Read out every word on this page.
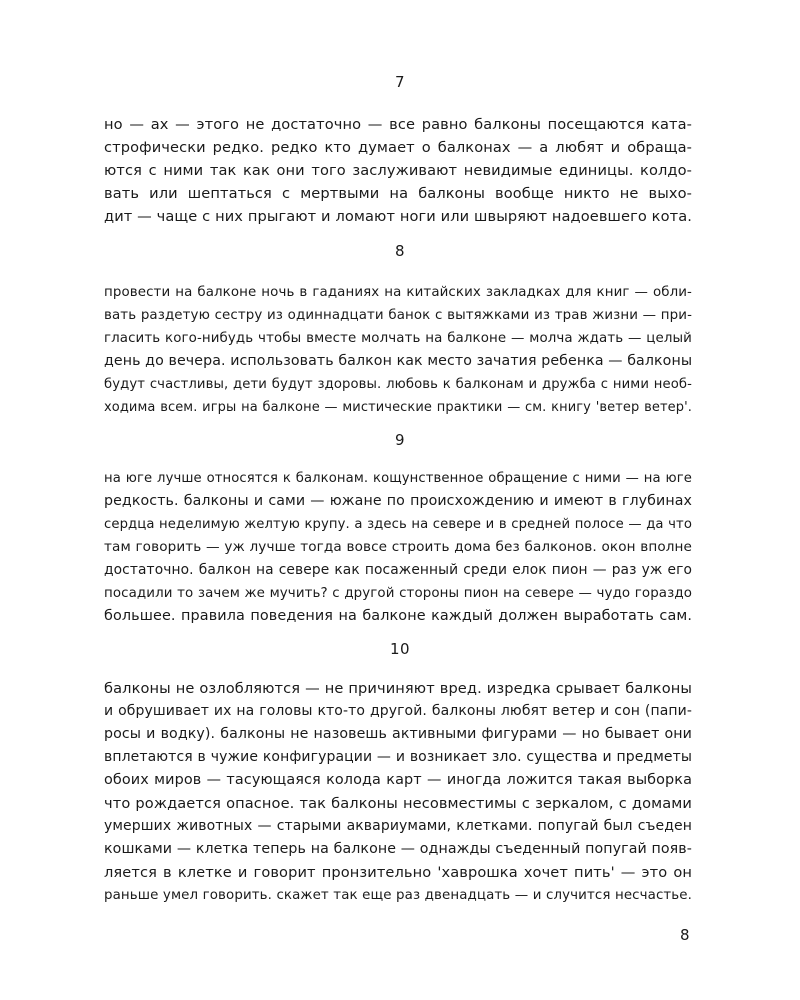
7
но — ах — этого не достаточно — все равно балконы посещаются ката-
строфически редко. редко кто думает о балконах — а любят и обраща-
ются с ними так как они того заслуживают невидимые единицы. колдо-
вать или шептаться с мертвыми на балконы вообще никто не выхо-
дит — чаще с них прыгают и ломают ноги или швыряют надоевшего кота.
8
провести на балконе ночь в гаданиях на китайских закладках для книг — обли-
вать раздетую сестру из одиннадцати банок с вытяжками из трав жизни — при-
гласить кого-нибудь чтобы вместе молчать на балконе — молча ждать — целый
день до вечера. использовать балкон как место зачатия ребенка — балконы
будут счастливы, дети будут здоровы. любовь к балконам и дружба с ними необ-
ходима всем. игры на балконе — мистические практики — см. книгу 'ветер ветер'.
9
на юге лучше относятся к балконам. кощунственное обращение с ними — на юге
редкость. балконы и сами — южане по происхождению и имеют в глубинах
сердца неделимую желтую крупу. а здесь на севере и в средней полосе — да что
там говорить — уж лучше тогда вовсе строить дома без балконов. окон вполне
достаточно. балкон на севере как посаженный среди елок пион — раз уж его
посадили то зачем же мучить? с другой стороны пион на севере — чудо гораздо
большее. правила поведения на балконе каждый должен выработать сам.
10
балконы не озлобляются — не причиняют вред. изредка срывает балконы
и обрушивает их на головы кто-то другой. балконы любят ветер и сон (папи-
росы и водку). балконы не назовешь активными фигурами — но бывает они
вплетаются в чужие конфигурации — и возникает зло. существа и предметы
обоих миров — тасующаяся колода карт — иногда ложится такая выборка
что рождается опасное. так балконы несовместимы с зеркалом, с домами
умерших животных — старыми аквариумами, клетками. попугай был съеден
кошками — клетка теперь на балконе — однажды съеденный попугай появ-
ляется в клетке и говорит пронзительно 'хаврошка хочет пить' — это он
раньше умел говорить. скажет так еще раз двенадцать — и случится несчастье.
8
